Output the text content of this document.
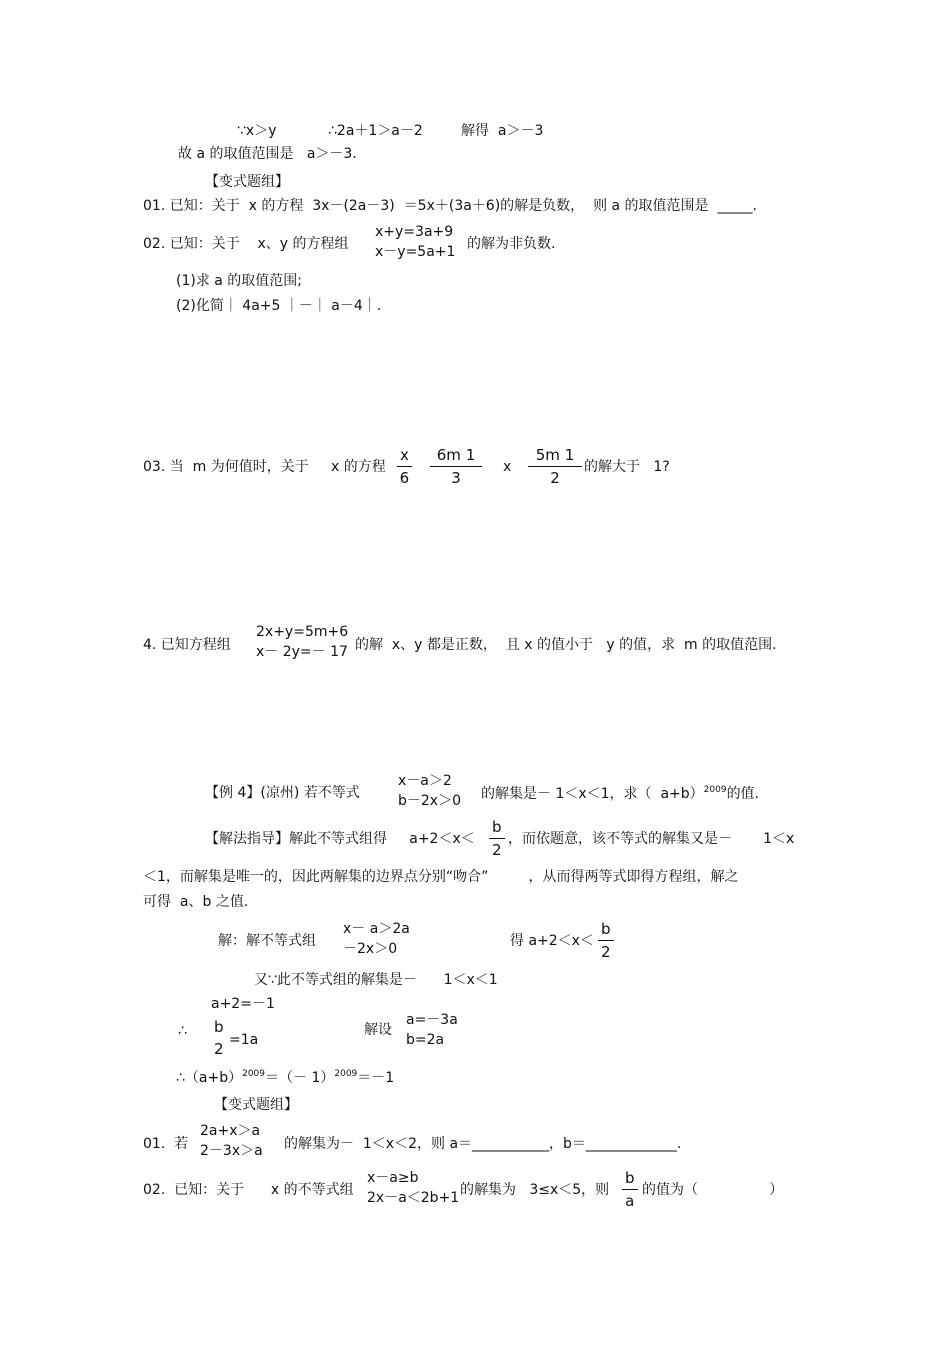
∵x＞y	∴2a＋1＞a－2	解得  a＞－3
故 a 的取值范围是   a＞－3.
【变式题组】
01. 已知：关于  x 的方程  3x－(2a－3)  ＝5x＋(3a＋6)的解是负数，  则 a 的取值范围是  _____.
02. 已知：关于    x、y 的方程组
x+y=3a+9
x－y=5a+1 的解为非负数.
(1)求 a 的取值范围;
(2)化简｜ 4a+5 ｜－｜ a－4｜.
03. 当  m 为何值时，关于     x 的方程 $\frac{x}{6} \frac{6m 1}{3}$ x $\frac{5m 1}{2}$ 的解大于   1?
4. 已知方程组
2x+y=5m+6
x－ 2y=－ 17 的解  x、y 都是正数，  且 x 的值小于   y 的值，求  m 的取值范围.
【例 4】(凉州) 若不等式
x－a＞2
b－2x＞0 的解集是－ 1＜x＜1，求（  a+b）$^{2009}$的值.
【解法指导】解此不等式组得     $a+2<x< \frac{b}{2}$ ，而依题意，该不等式的解集又是－       1＜x
＜1，而解集是唯一的，因此两解集的边界点分别“吻合”         ，从而得两等式即得方程组，解之
可得  a、b 之值.
解：解不等式组
x－ a＞2a
－2x＞0	得 $a+2<x< \frac{b}{2}$
又∵此不等式组的解集是－      1＜x＜1
a+2=－1
∴ b
2 =1a
解设
a=－3a
b=2a
$\therefore(a+b)^{2009}=(- 1)^{2009}=-1$
【变式题组】
01.  若
2a+x＞a
2－3x＞a 的解集为－  1＜x＜2，则 a＝___________，b＝_____________.
02.  已知：关于      x 的不等式组
x－a≥b
2x－a＜2b+1 的解集为   3≤x＜5，则 $\frac{b}{a}$ 的值为（                ）
